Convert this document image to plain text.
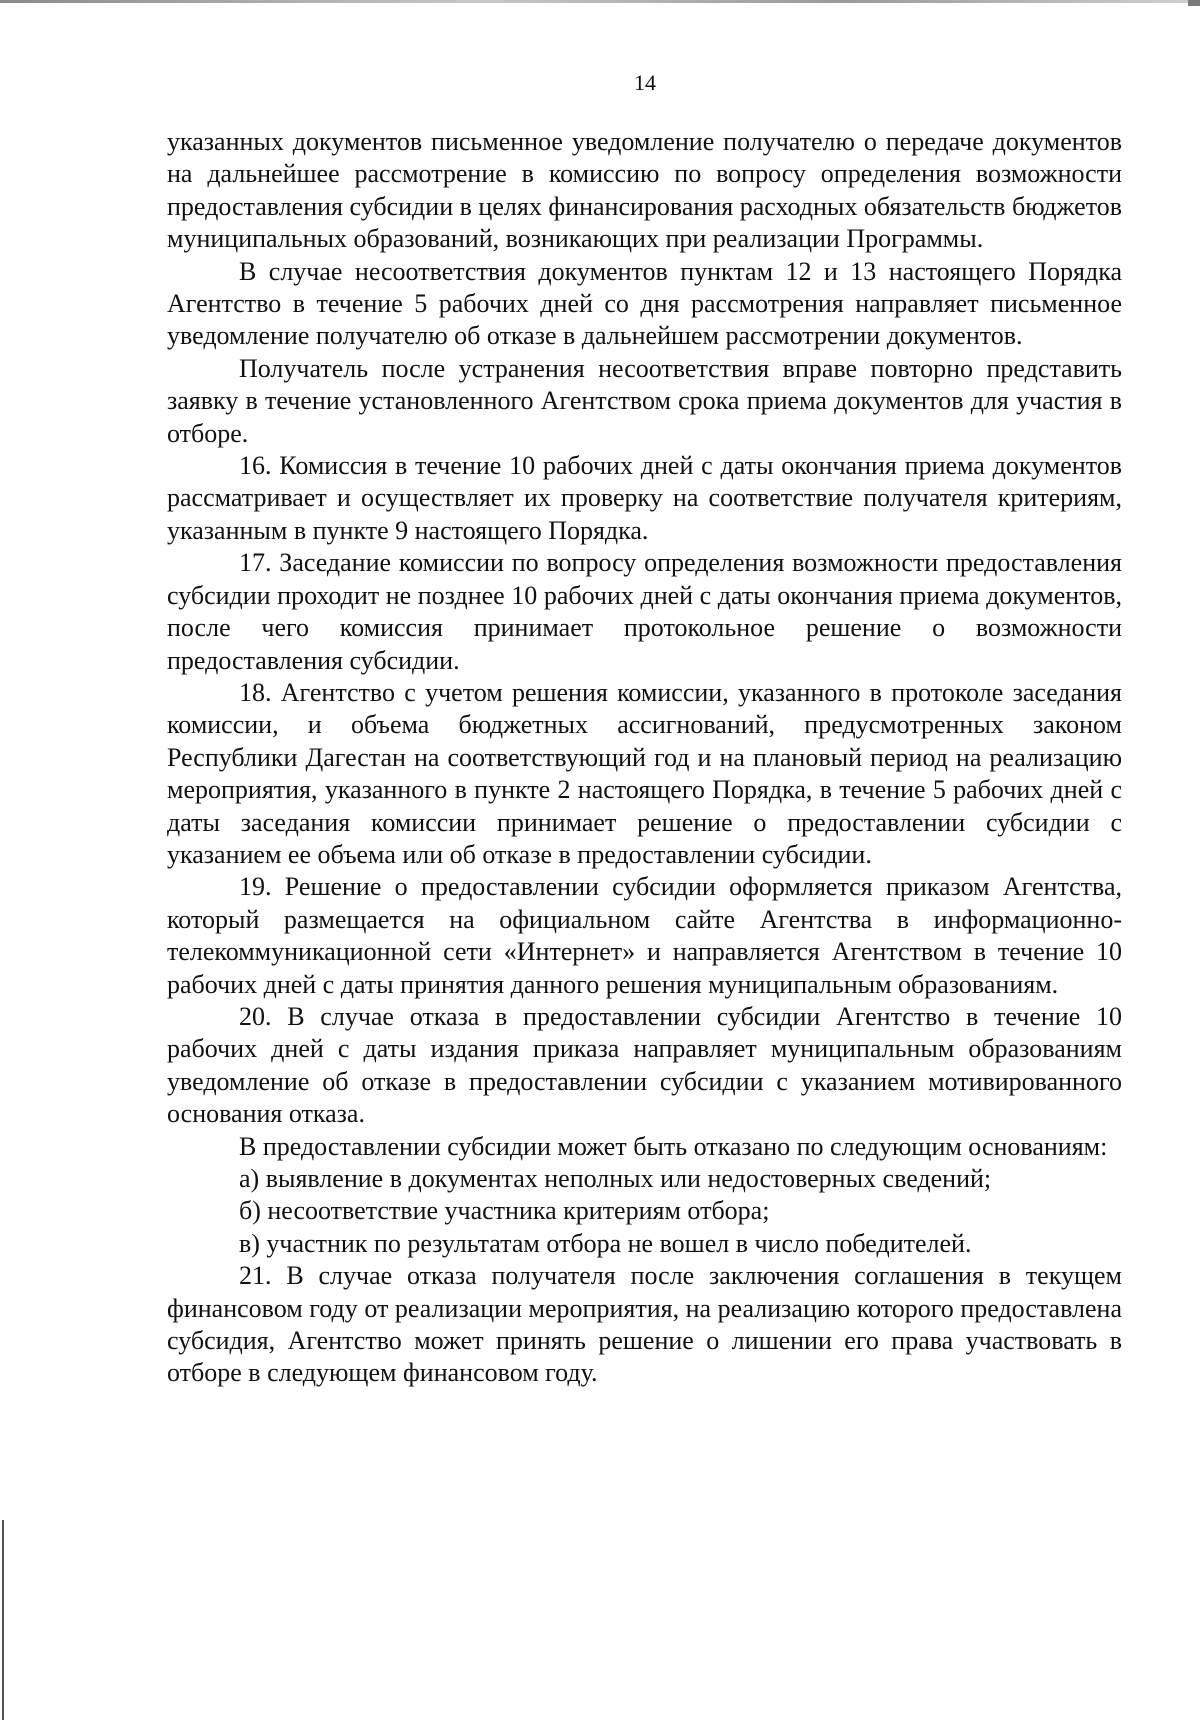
14

указанных документов письменное уведомление получателю о передаче документов на дальнейшее рассмотрение в комиссию по вопросу определения возможности предоставления субсидии в целях финансирования расходных обязательств бюджетов муниципальных образований, возникающих при реализации Программы.

В случае несоответствия документов пунктам 12 и 13 настоящего Порядка Агентство в течение 5 рабочих дней со дня рассмотрения направляет письменное уведомление получателю об отказе в дальнейшем рассмотрении документов.

Получатель после устранения несоответствия вправе повторно представить заявку в течение установленного Агентством срока приема документов для участия в отборе.

16. Комиссия в течение 10 рабочих дней с даты окончания приема документов рассматривает и осуществляет их проверку на соответствие получателя критериям, указанным в пункте 9 настоящего Порядка.

17. Заседание комиссии по вопросу определения возможности предоставления субсидии проходит не позднее 10 рабочих дней с даты окончания приема документов, после чего комиссия принимает протокольное решение о возможности предоставления субсидии.

18. Агентство с учетом решения комиссии, указанного в протоколе заседания комиссии, и объема бюджетных ассигнований, предусмотренных законом Республики Дагестан на соответствующий год и на плановый период на реализацию мероприятия, указанного в пункте 2 настоящего Порядка, в течение 5 рабочих дней с даты заседания комиссии принимает решение о предоставлении субсидии с указанием ее объема или об отказе в предоставлении субсидии.

19. Решение о предоставлении субсидии оформляется приказом Агентства, который размещается на официальном сайте Агентства в информационно-телекоммуникационной сети «Интернет» и направляется Агентством в течение 10 рабочих дней с даты принятия данного решения муниципальным образованиям.

20. В случае отказа в предоставлении субсидии Агентство в течение 10 рабочих дней с даты издания приказа направляет муниципальным образованиям уведомление об отказе в предоставлении субсидии с указанием мотивированного основания отказа.

В предоставлении субсидии может быть отказано по следующим основаниям:

а) выявление в документах неполных или недостоверных сведений;

б) несоответствие участника критериям отбора;

в) участник по результатам отбора не вошел в число победителей.

21. В случае отказа получателя после заключения соглашения в текущем финансовом году от реализации мероприятия, на реализацию которого предоставлена субсидия, Агентство может принять решение о лишении его права участвовать в отборе в следующем финансовом году.
